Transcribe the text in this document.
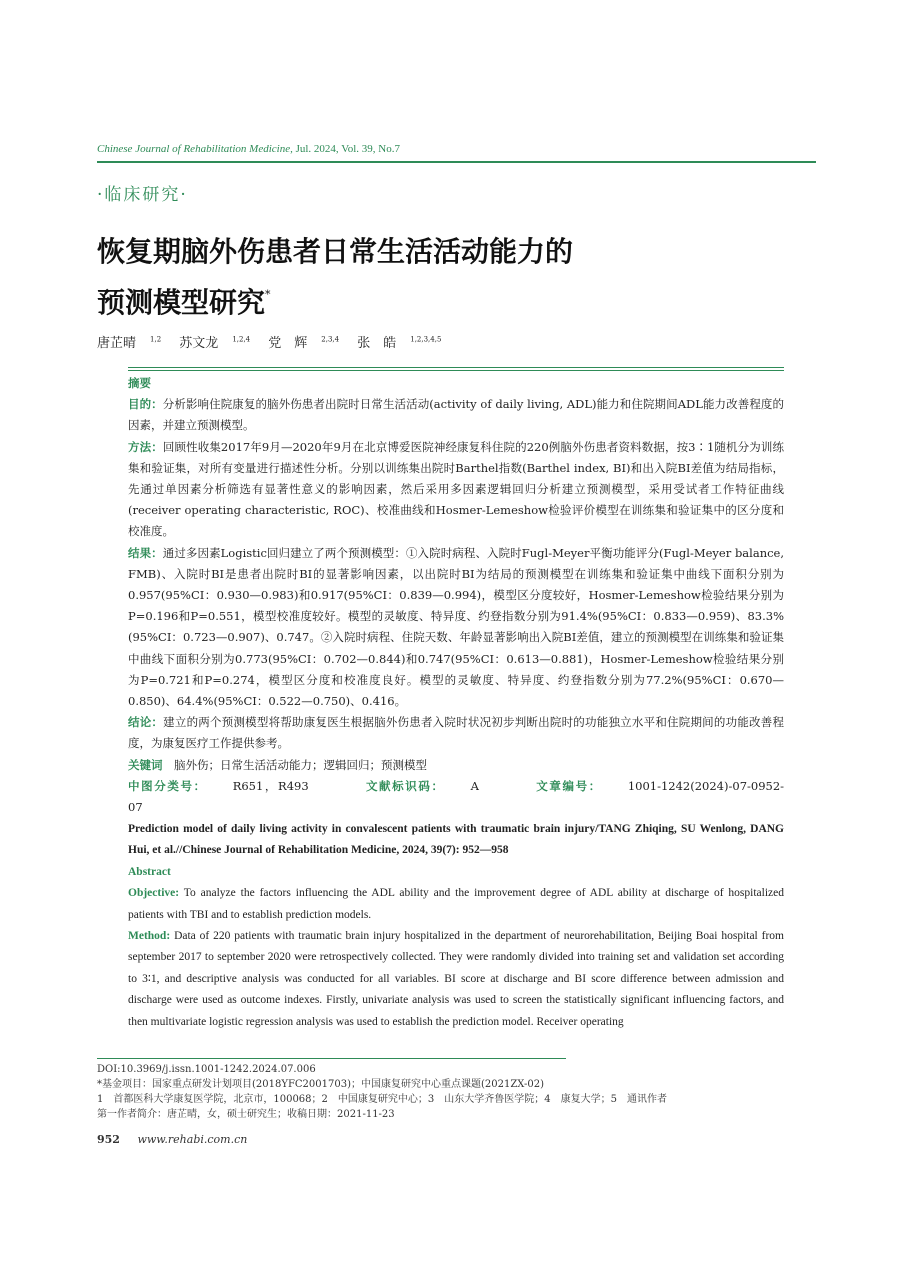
Chinese Journal of Rehabilitation Medicine, Jul. 2024, Vol. 39, No.7
·临床研究·
恢复期脑外伤患者日常生活活动能力的
预测模型研究*
唐芷晴 $^{1,2}$ 苏文龙 $^{1,2,4}$ 党　辉 $^{2,3,4}$ 张　皓 $^{1,2,3,4,5}$

摘要

目的：分析影响住院康复的脑外伤患者出院时日常生活活动(activity of daily living, ADL)能力和住院期间ADL能力改善程度的因素，并建立预测模型。

方法：回顾性收集2017年9月—2020年9月在北京博爱医院神经康复科住院的220例脑外伤患者资料数据，按3∶1随机分为训练集和验证集，对所有变量进行描述性分析。分别以训练集出院时Barthel指数(Barthel index, BI)和出入院BI差值为结局指标，先通过单因素分析筛选有显著性意义的影响因素，然后采用多因素逻辑回归分析建立预测模型，采用受试者工作特征曲线(receiver operating characteristic, ROC)、校准曲线和Hosmer-Lemeshow检验评价模型在训练集和验证集中的区分度和校准度。

结果：通过多因素Logistic回归建立了两个预测模型：①入院时病程、入院时Fugl-Meyer平衡功能评分(Fugl-Meyer balance, FMB)、入院时BI是患者出院时BI的显著影响因素，以出院时BI为结局的预测模型在训练集和验证集中曲线下面积分别为0.957(95%CI：0.930—0.983)和0.917(95%CI：0.839—0.994)，模型区分度较好，Hosmer-Lemeshow检验结果分别为P=0.196和P=0.551，模型校准度较好。模型的灵敏度、特异度、约登指数分别为91.4%(95%CI：0.833—0.959)、83.3%(95%CI：0.723—0.907)、0.747。②入院时病程、住院天数、年龄显著影响出入院BI差值，建立的预测模型在训练集和验证集中曲线下面积分别为0.773(95%CI：0.702—0.844)和0.747(95%CI：0.613—0.881)，Hosmer-Lemeshow检验结果分别为P=0.721和P=0.274，模型区分度和校准度良好。模型的灵敏度、特异度、约登指数分别为77.2%(95%CI：0.670—0.850)、64.4%(95%CI：0.522—0.750)、0.416。

结论：建立的两个预测模型将帮助康复医生根据脑外伤患者入院时状况初步判断出院时的功能独立水平和住院期间的功能改善程度，为康复医疗工作提供参考。

关键词　 脑外伤；日常生活活动能力；逻辑回归；预测模型

中图分类号： R651，R493	文献标识码： A	文章编号： 1001-1242(2024)-07-0952-07

Prediction model of daily living activity in convalescent patients with traumatic brain injury/TANG Zhiqing, SU Wenlong, DANG Hui, et al.//Chinese Journal of Rehabilitation Medicine, 2024, 39(7): 952—958

Abstract

Objective: To analyze the factors influencing the ADL ability and the improvement degree of ADL ability at discharge of hospitalized patients with TBI and to establish prediction models.

Method: Data of 220 patients with traumatic brain injury hospitalized in the department of neurorehabilitation, Beijing Boai hospital from september 2017 to september 2020 were retrospectively collected. They were randomly divided into training set and validation set according to 3∶1, and descriptive analysis was conducted for all variables. BI score at discharge and BI score difference between admission and discharge were used as outcome indexes. Firstly, univariate analysis was used to screen the statistically significant influencing factors, and then multivariate logistic regression analysis was used to establish the prediction model. Receiver operating

DOI:10.3969/j.issn.1001-1242.2024.07.006
*基金项目：国家重点研发计划项目(2018YFC2001703)；中国康复研究中心重点课题(2021ZX-02)
1　首都医科大学康复医学院，北京市，100068；2　中国康复研究中心；3　山东大学齐鲁医学院；4　康复大学；5　通讯作者
第一作者简介：唐芷晴，女，硕士研究生；收稿日期：2021-11-23
952 www.rehabi.com.cn
